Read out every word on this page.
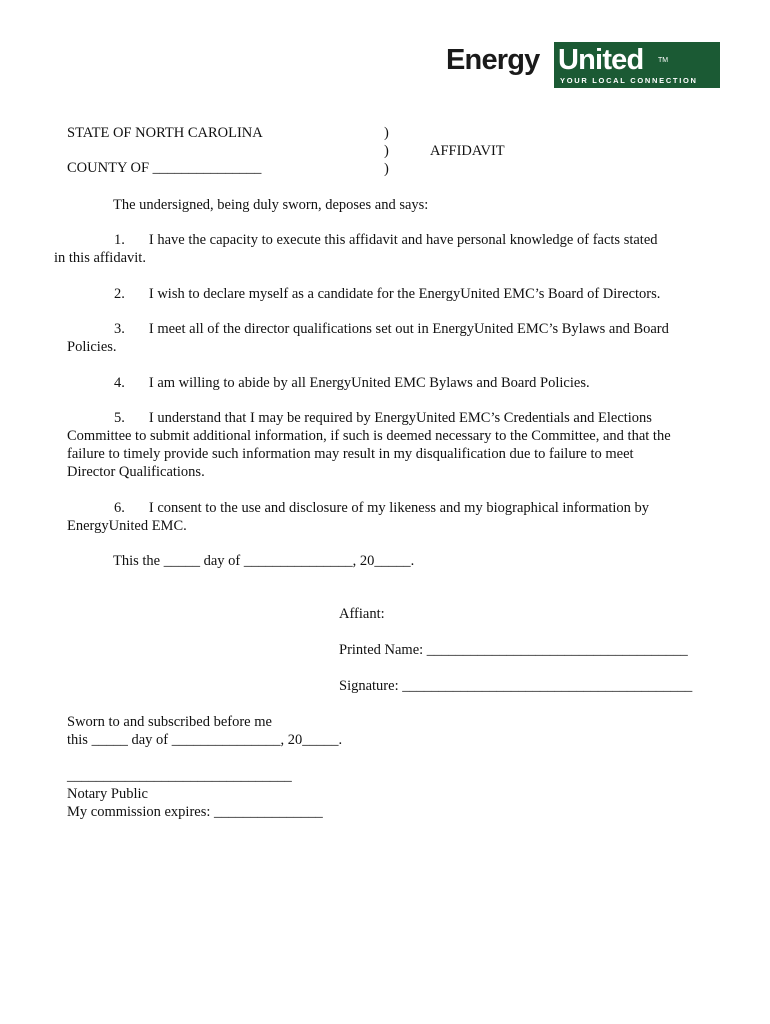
Energy United TM
YOUR LOCAL CONNECTION
STATE OF NORTH CAROLINA
COUNTY OF _______________
)
)
)
AFFIDAVIT
The undersigned, being duly sworn, deposes and says:
1. I have the capacity to execute this affidavit and have personal knowledge of facts stated
in this affidavit.
2. I wish to declare myself as a candidate for the EnergyUnited EMC’s Board of Directors.
3. I meet all of the director qualifications set out in EnergyUnited EMC’s Bylaws and Board
Policies.
4. I am willing to abide by all EnergyUnited EMC Bylaws and Board Policies.
5. I understand that I may be required by EnergyUnited EMC’s Credentials and Elections
Committee to submit additional information, if such is deemed necessary to the Committee, and that the
failure to timely provide such information may result in my disqualification due to failure to meet
Director Qualifications.
6. I consent to the use and disclosure of my likeness and my biographical information by
EnergyUnited EMC.
This the _____ day of _______________, 20_____.
Affiant:
Printed Name: ____________________________________
Signature: ________________________________________
Sworn to and subscribed before me
this _____ day of _______________, 20_____.
_______________________________
Notary Public
My commission expires: _______________
